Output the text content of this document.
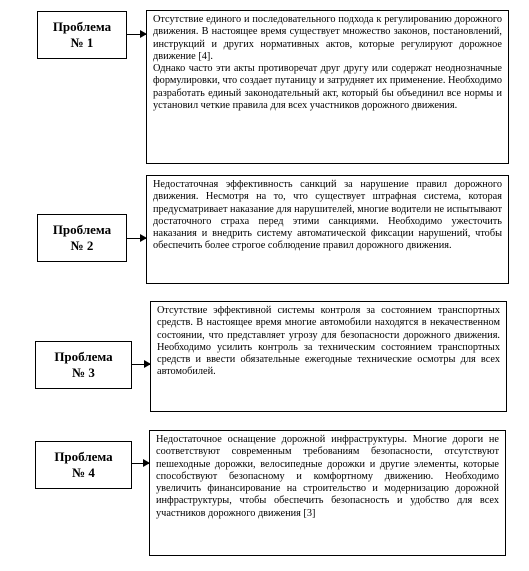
Проблема
№ 1

Отсутствие единого и последовательного подхода к регулированию дорожного движения. В настоящее время существует множество законов, постановлений, инструкций и других нормативных актов, которые регулируют дорожное движение [4].

Однако часто эти акты противоречат друг другу или содержат неоднозначные формулировки, что создает путаницу и затрудняет их применение. Необходимо разработать единый законодательный акт, который бы объединил все нормы и установил четкие правила для всех участников дорожного движения.

Проблема
№ 2

Недостаточная эффективность санкций за нарушение правил дорожного движения. Несмотря на то, что существует штрафная система, которая предусматривает наказание для нарушителей, многие водители не испытывают достаточного страха перед этими санкциями. Необходимо ужесточить наказания и внедрить систему автоматической фиксации нарушений, чтобы обеспечить более строгое соблюдение правил дорожного движения.

Проблема
№ 3

Отсутствие эффективной системы контроля за состоянием транспортных средств. В настоящее время многие автомобили находятся в некачественном состоянии, что представляет угрозу для безопасности дорожного движения. Необходимо усилить контроль за техническим состоянием транспортных средств и ввести обязательные ежегодные технические осмотры для всех автомобилей.

Проблема
№ 4

Недостаточное оснащение дорожной инфраструктуры. Многие дороги не соответствуют современным требованиям безопасности, отсутствуют пешеходные дорожки, велосипедные дорожки и другие элементы, которые способствуют безопасному и комфортному движению. Необходимо увеличить финансирование на строительство и модернизацию дорожной инфраструктуры, чтобы обеспечить безопасность и удобство для всех участников дорожного движения [3]
